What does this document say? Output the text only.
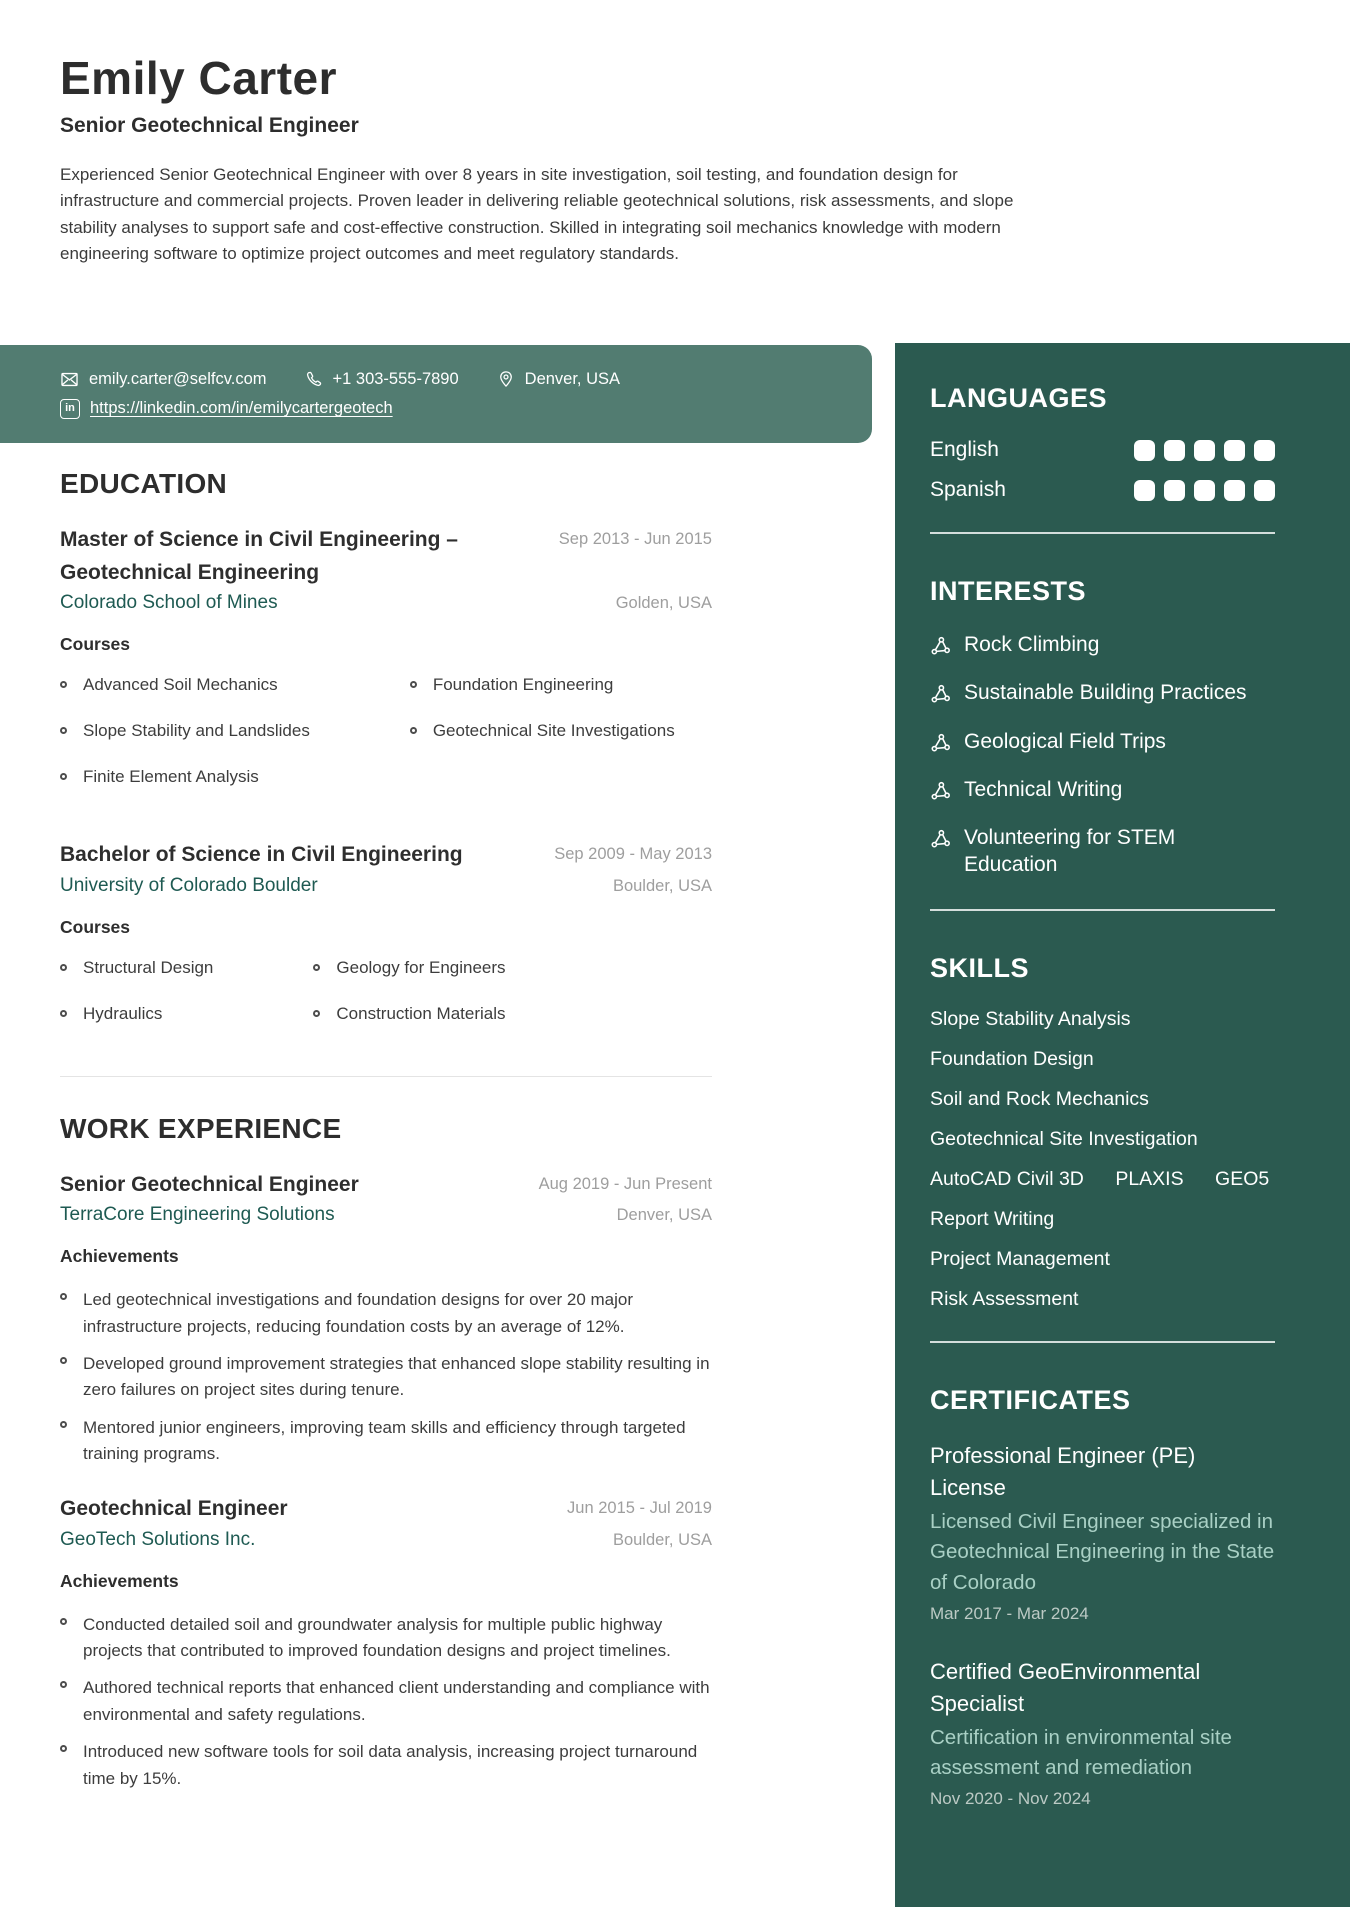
Emily Carter
Senior Geotechnical Engineer

Experienced Senior Geotechnical Engineer with over 8 years in site investigation, soil testing, and foundation design for infrastructure and commercial projects. Proven leader in delivering reliable geotechnical solutions, risk assessments, and slope stability analyses to support safe and cost-effective construction. Skilled in integrating soil mechanics knowledge with modern engineering software to optimize project outcomes and meet regulatory standards.

emily.carter@selfcv.com	+1 303-555-7890	Denver, USA
in https://linkedin.com/in/emilycartergeotech
EDUCATION
Master of Science in Civil Engineering – Geotechnical Engineering
Sep 2013 - Jun 2015
Colorado School of Mines	Golden, USA
Courses
Advanced Soil Mechanics
Slope Stability and Landslides
Finite Element Analysis
Foundation Engineering
Geotechnical Site Investigations
Bachelor of Science in Civil Engineering	Sep 2009 - May 2013
University of Colorado Boulder	Boulder, USA
Courses
Structural Design
Hydraulics
Geology for Engineers
Construction Materials
WORK EXPERIENCE
Senior Geotechnical Engineer	Aug 2019 - Jun Present
TerraCore Engineering Solutions	Denver, USA
Achievements
Led geotechnical investigations and foundation designs for over 20 major infrastructure projects, reducing foundation costs by an average of 12%.
Developed ground improvement strategies that enhanced slope stability resulting in zero failures on project sites during tenure.
Mentored junior engineers, improving team skills and efficiency through targeted training programs.
Geotechnical Engineer	Jun 2015 - Jul 2019
GeoTech Solutions Inc.	Boulder, USA
Achievements
Conducted detailed soil and groundwater analysis for multiple public highway projects that contributed to improved foundation designs and project timelines.
Authored technical reports that enhanced client understanding and compliance with environmental and safety regulations.
Introduced new software tools for soil data analysis, increasing project turnaround time by 15%.
LANGUAGES
English
Spanish
INTERESTS
Rock Climbing
Sustainable Building Practices
Geological Field Trips
Technical Writing
Volunteering for STEM Education
SKILLS
Slope Stability Analysis
Foundation Design
Soil and Rock Mechanics
Geotechnical Site Investigation
AutoCAD Civil 3D PLAXIS GEO5
Report Writing
Project Management
Risk Assessment
CERTIFICATES
Professional Engineer (PE) License
Licensed Civil Engineer specialized in Geotechnical Engineering in the State of Colorado
Mar 2017 - Mar 2024
Certified GeoEnvironmental Specialist
Certification in environmental site assessment and remediation
Nov 2020 - Nov 2024
